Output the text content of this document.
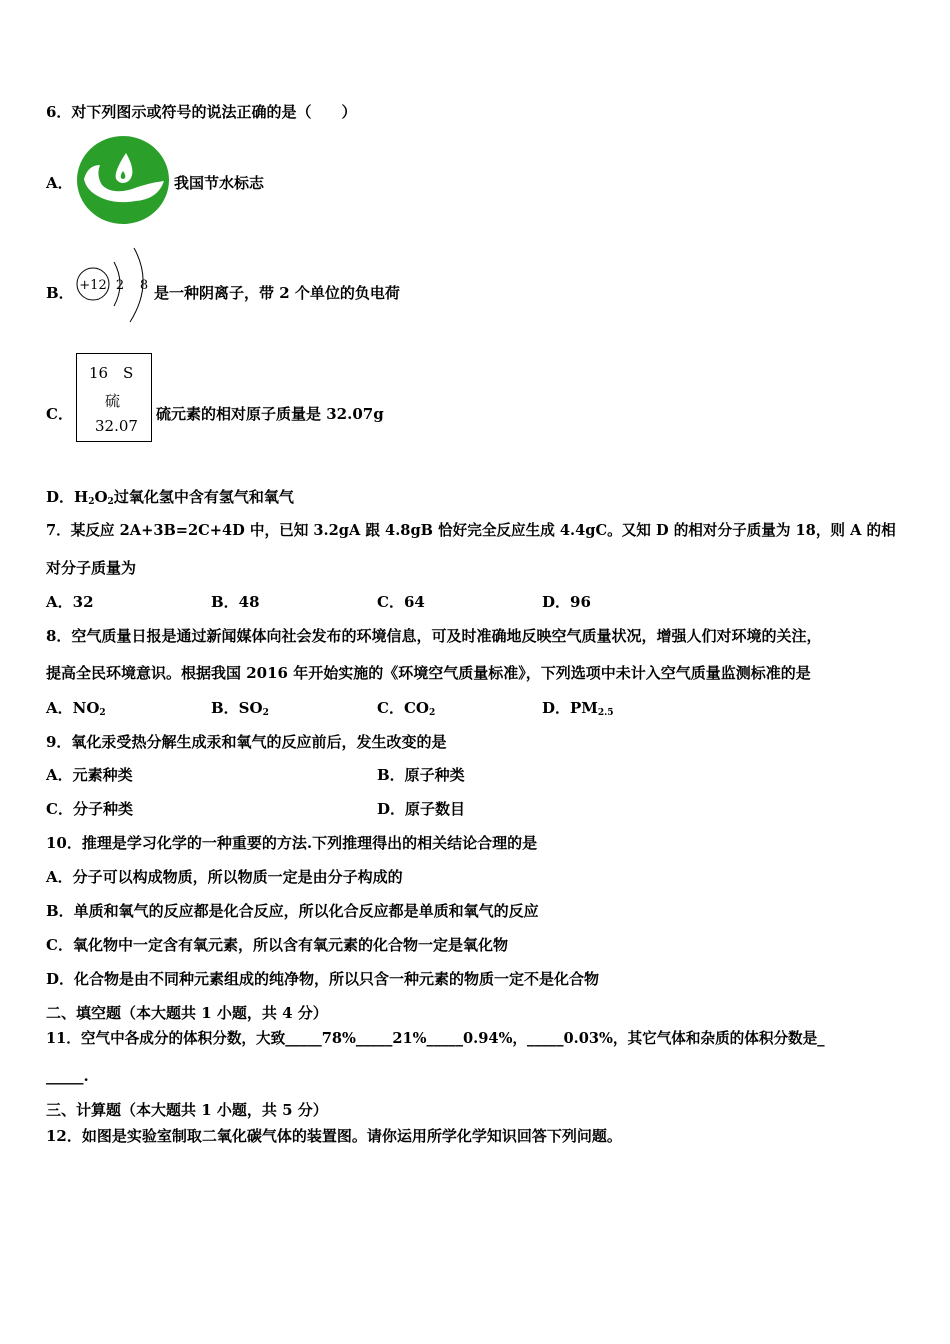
6．对下列图示或符号的说法正确的是（　　）
A．	我国节水标志
B． +12 2 8 是一种阴离子，带 2 个单位的负电荷
C．
16 S
硫
32.07
硫元素的相对原子质量是 32.07g
D．$H_2O_2$过氧化氢中含有氢气和氧气
7．某反应 2A+3B=2C+4D 中，已知 3.2gA 跟 4.8gB 恰好完全反应生成 4.4gC。又知 D 的相对分子质量为 18，则 A 的相
对分子质量为
A．32	B．48	C．64	D．96
8．空气质量日报是通过新闻媒体向社会发布的环境信息，可及时准确地反映空气质量状况，增强人们对环境的关注，
提高全民环境意识。根据我国 2016 年开始实施的《环境空气质量标准》，下列选项中未计入空气质量监测标准的是
A．$NO_2$	B．$SO_2$	C．$CO_2$	D．$PM_{2.5}$
9．氧化汞受热分解生成汞和氧气的反应前后，发生改变的是
A．元素种类	B．原子种类
C．分子种类	D．原子数目
10．推理是学习化学的一种重要的方法.下列推理得出的相关结论合理的是
A．分子可以构成物质，所以物质一定是由分子构成的
B．单质和氧气的反应都是化合反应，所以化合反应都是单质和氧气的反应
C．氧化物中一定含有氧元素，所以含有氧元素的化合物一定是氧化物
D．化合物是由不同种元素组成的纯净物，所以只含一种元素的物质一定不是化合物
二、填空题（本大题共 1 小题，共 4 分）
11．空气中各成分的体积分数，大致_____78%_____21%_____0.94%，_____0.03%，其它气体和杂质的体积分数是_
_____.
三、计算题（本大题共 1 小题，共 5 分）
12．如图是实验室制取二氧化碳气体的装置图。请你运用所学化学知识回答下列问题。
